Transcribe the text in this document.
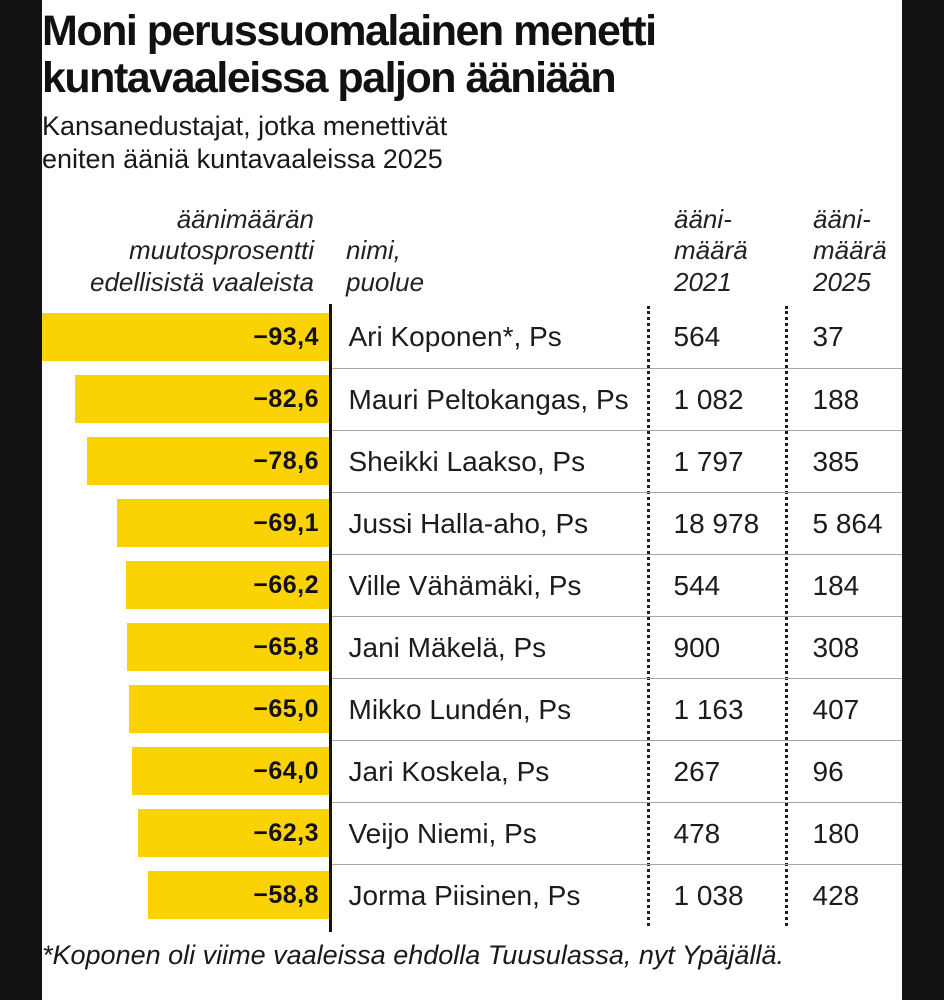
Moni perussuomalainen menetti
kuntavaaleissa paljon ääniään
Kansanedustajat, jotka menettivät
eniten ääniä kuntavaaleissa 2025
äänimäärän
muutosprosentti
edellisistä vaaleista
nimi,
puolue
ääni-
määrä
2021
ääni-
määrä
2025
−93,4	Ari Koponen*, Ps	564	37
−82,6	Mauri Peltokangas, Ps	1 082	188
−78,6	Sheikki Laakso, Ps	1 797	385
−69,1	Jussi Halla-aho, Ps	18 978	5 864
−66,2	Ville Vähämäki, Ps	544	184
−65,8	Jani Mäkelä, Ps	900	308
−65,0	Mikko Lundén, Ps	1 163	407
−64,0	Jari Koskela, Ps	267	96
−62,3	Veijo Niemi, Ps	478	180
−58,8	Jorma Piisinen, Ps	1 038	428
*Koponen oli viime vaaleissa ehdolla Tuusulassa, nyt Ypäjällä.
